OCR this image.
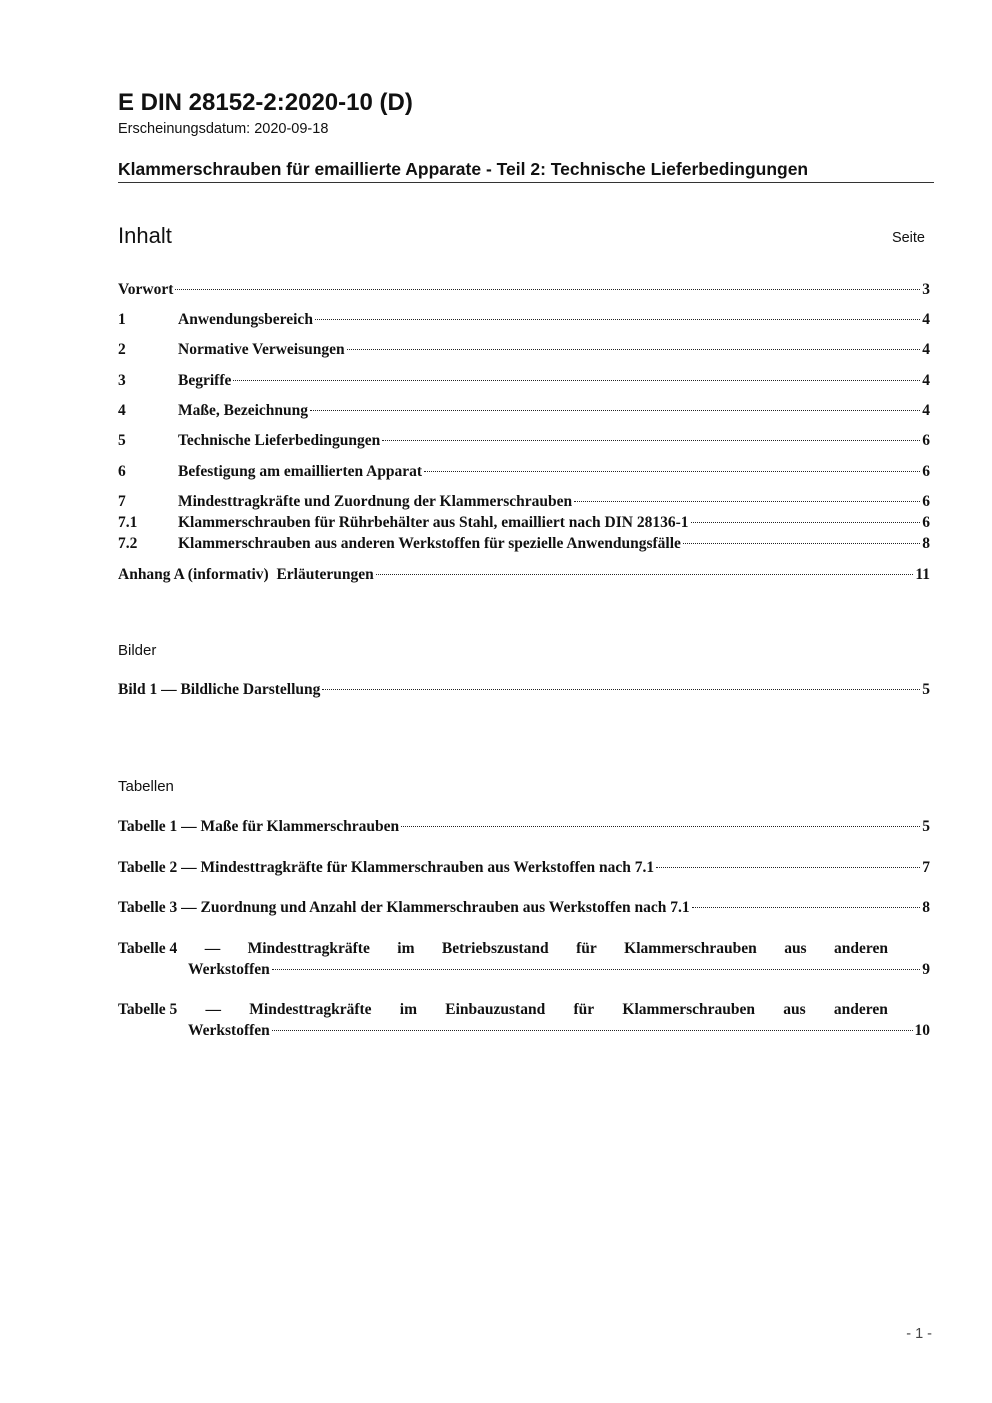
E DIN 28152-2:2020-10 (D)
Erscheinungsdatum: 2020-09-18
Klammerschrauben für emaillierte Apparate - Teil 2: Technische Lieferbedingungen
Inhalt	Seite
Vorwort	3
1	Anwendungsbereich	4
2	Normative Verweisungen	4
3	Begriffe	4
4	Maße, Bezeichnung	4
5	Technische Lieferbedingungen	6
6	Befestigung am emaillierten Apparat	6
7	Mindesttragkräfte und Zuordnung der Klammerschrauben	6
7.1	Klammerschrauben für Rührbehälter aus Stahl, emailliert nach DIN 28136-1	6
7.2	Klammerschrauben aus anderen Werkstoffen für spezielle Anwendungsfälle	8
Anhang A (informativ)  Erläuterungen	11
Bilder
Bild 1 — Bildliche Darstellung	5
Tabellen
Tabelle 1 — Maße für Klammerschrauben	5
Tabelle 2 — Mindesttragkräfte für Klammerschrauben aus Werkstoffen nach 7.1	7
Tabelle 3 — Zuordnung und Anzahl der Klammerschrauben aus Werkstoffen nach 7.1	8
Tabelle 4 — Mindesttragkräfte im Betriebszustand für Klammerschrauben aus anderen
Werkstoffen	9
Tabelle 5 — Mindesttragkräfte im Einbauzustand für Klammerschrauben aus anderen
Werkstoffen	10
- 1 -
